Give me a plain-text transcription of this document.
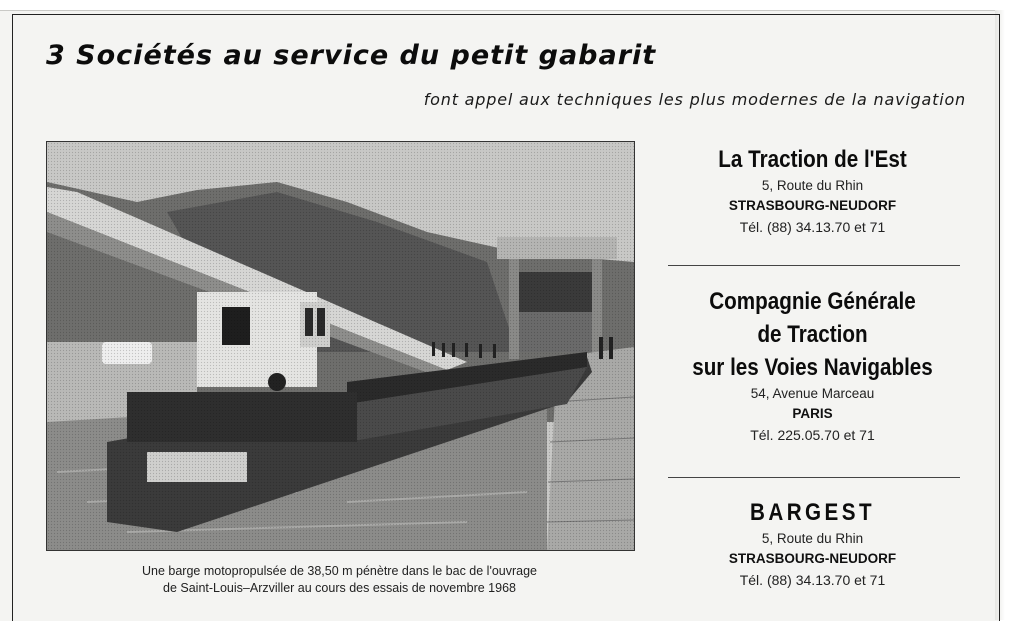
3 Sociétés au service du petit gabarit
font appel aux techniques les plus modernes de la navigation
Une barge motopropulsée de 38,50 m pénètre dans le bac de l'ouvrage
de Saint-Louis–Arzviller au cours des essais de novembre 1968
La Traction de l'Est
5, Route du Rhin
STRASBOURG-NEUDORF
Tél. (88) 34.13.70 et 71
Compagnie Générale
de Traction
sur les Voies Navigables
54, Avenue Marceau
PARIS
Tél. 225.05.70 et 71
BARGEST
5, Route du Rhin
STRASBOURG-NEUDORF
Tél. (88) 34.13.70 et 71
